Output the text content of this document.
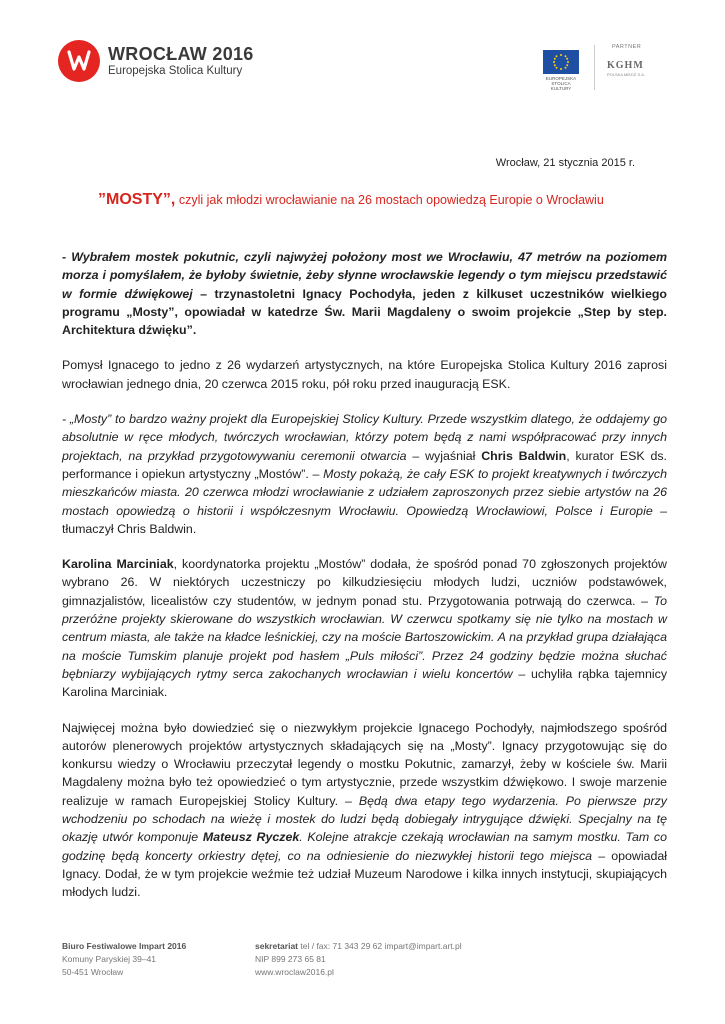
WROCŁAW 2016
Europejska Stolica Kultury
EUROPEJSKA STOLICA KULTURY
PARTNER
KGHM
POLSKA MIEDŹ S.A.
Wrocław, 21 stycznia 2015 r.
”MOSTY”, czyli jak młodzi wrocławianie na 26 mostach opowiedzą Europie o Wrocławiu

- Wybrałem mostek pokutnic, czyli najwyżej położony most we Wrocławiu, 47 metrów na poziomem morza i pomyślałem, że byłoby świetnie, żeby słynne wrocławskie legendy o tym miejscu przedstawić w formie dźwiękowej – trzynastoletni Ignacy Pochodyła, jeden z kilkuset uczestników wielkiego programu „Mosty”, opowiadał w katedrze Św. Marii Magdaleny o swoim projekcie „Step by step. Architektura dźwięku”.

Pomysł Ignacego to jedno z 26 wydarzeń artystycznych, na które Europejska Stolica Kultury 2016 zaprosi wrocławian jednego dnia, 20 czerwca 2015 roku, pół roku przed inauguracją ESK.

- „Mosty” to bardzo ważny projekt dla Europejskiej Stolicy Kultury. Przede wszystkim dlatego, że oddajemy go absolutnie w ręce młodych, twórczych wrocławian, którzy potem będą z nami współpracować przy innych projektach, na przykład przygotowywaniu ceremonii otwarcia – wyjaśniał Chris Baldwin, kurator ESK ds. performance i opiekun artystyczny „Mostów”. – Mosty pokażą, że cały ESK to projekt kreatywnych i twórczych mieszkańców miasta. 20 czerwca młodzi wrocławianie z udziałem zaproszonych przez siebie artystów na 26 mostach opowiedzą o historii i współczesnym Wrocławiu. Opowiedzą Wrocławiowi, Polsce i Europie – tłumaczył Chris Baldwin.

Karolina Marciniak, koordynatorka projektu „Mostów” dodała, że spośród ponad 70 zgłoszonych projektów wybrano 26. W niektórych uczestniczy po kilkudziesięciu młodych ludzi, uczniów podstawówek, gimnazjalistów, licealistów czy studentów, w jednym ponad stu. Przygotowania potrwają do czerwca. – To przeróżne projekty skierowane do wszystkich wrocławian. W czerwcu spotkamy się nie tylko na mostach w centrum miasta, ale także na kładce leśnickiej, czy na moście Bartoszowickim. A na przykład grupa działająca na moście Tumskim planuje projekt pod hasłem „Puls miłości”. Przez 24 godziny będzie można słuchać bębniarzy wybijających rytmy serca zakochanych wrocławian i wielu koncertów – uchyliła rąbka tajemnicy Karolina Marciniak.

Najwięcej można było dowiedzieć się o niezwykłym projekcie Ignacego Pochodyły, najmłodszego spośród autorów plenerowych projektów artystycznych składających się na „Mosty”. Ignacy przygotowując się do konkursu wiedzy o Wrocławiu przeczytał legendy o mostku Pokutnic, zamarzył, żeby w kościele św. Marii Magdaleny można było też opowiedzieć o tym artystycznie, przede wszystkim dźwiękowo. I swoje marzenie realizuje w ramach Europejskiej Stolicy Kultury. – Będą dwa etapy tego wydarzenia. Po pierwsze przy wchodzeniu po schodach na wieżę i mostek do ludzi będą dobiegały intrygujące dźwięki. Specjalny na tę okazję utwór komponuje Mateusz Ryczek. Kolejne atrakcje czekają wrocławian na samym mostku. Tam co godzinę będą koncerty orkiestry dętej, co na odniesienie do niezwykłej historii tego miejsca – opowiadał Ignacy. Dodał, że w tym projekcie weźmie też udział Muzeum Narodowe i kilka innych instytucji, skupiających młodych ludzi.

Biuro Festiwalowe Impart 2016
Komuny Paryskiej 39–41
50-451 Wrocław
sekretariat tel / fax: 71 343 29 62 impart@impart.art.pl
NIP 899 273 65 81
www.wroclaw2016.pl
